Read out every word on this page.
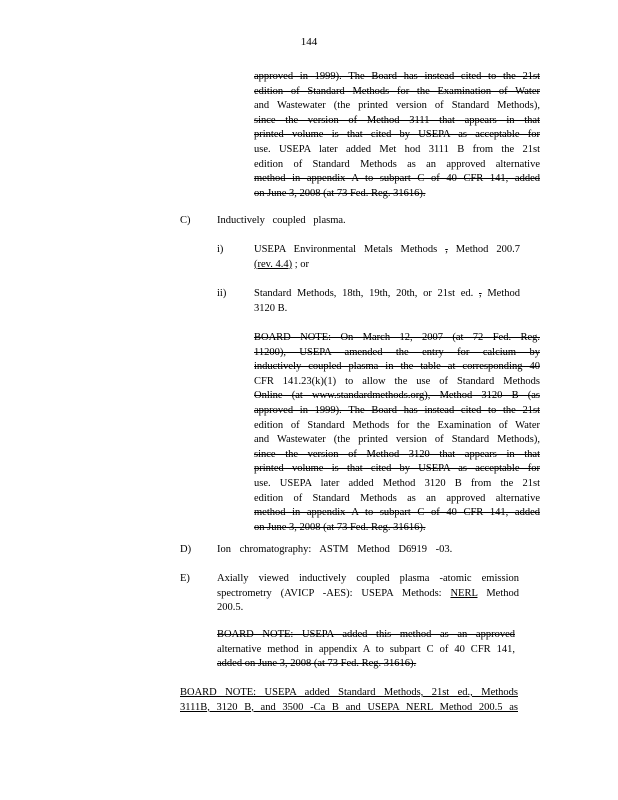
144
approved in 1999). The Board has instead cited to the 21st
edition of Standard Methods for the Examination of Water
and Wastewater (the printed version of Standard Methods),
since the version of Method 3111 that appears in that
printed volume is that cited by USEPA as acceptable for
use. USEPA later added Met hod 3111 B from the 21st
edition of Standard Methods as an approved alternative
method in appendix A to subpart C of 40 CFR 141, added
on June 3, 2008 (at 73 Fed. Reg. 31616).
C)	Inductively coupled plasma.
i)	USEPA Environmental Metals Methods , Method 200.7
(rev. 4.4) ; or
ii)	Standard Methods, 18th, 19th, 20th, or 21st ed. , Method
3120 B.
BOARD NOTE: On March 12, 2007 (at 72 Fed. Reg.
11200), USEPA amended the entry for calcium by
inductively coupled plasma in the table at corresponding 40
CFR 141.23(k)(1) to allow the use of Standard Methods
Online (at www.standardmethods.org), Method 3120 B (as
approved in 1999). The Board has instead cited to the 21st
edition of Standard Methods for the Examination of Water
and Wastewater (the printed version of Standard Methods),
since the version of Method 3120 that appears in that
printed volume is that cited by USEPA as acceptable for
use. USEPA later added Method 3120 B from the 21st
edition of Standard Methods as an approved alternative
method in appendix A to subpart C of 40 CFR 141, added
on June 3, 2008 (at 73 Fed. Reg. 31616).
D) Ion chromatography: ASTM Method D6919 -03.
E)	Axially viewed inductively coupled plasma -atomic emission
spectrometry (AVICP -AES): USEPA Methods: NERL Method
200.5.
BOARD NOTE: USEPA added this method as an approved
alternative method in appendix A to subpart C of 40 CFR 141,
added on June 3, 2008 (at 73 Fed. Reg. 31616).
BOARD NOTE: USEPA added Standard Methods, 21st ed., Methods
3111B, 3120 B, and 3500 -Ca B and USEPA NERL Method 200.5 as
